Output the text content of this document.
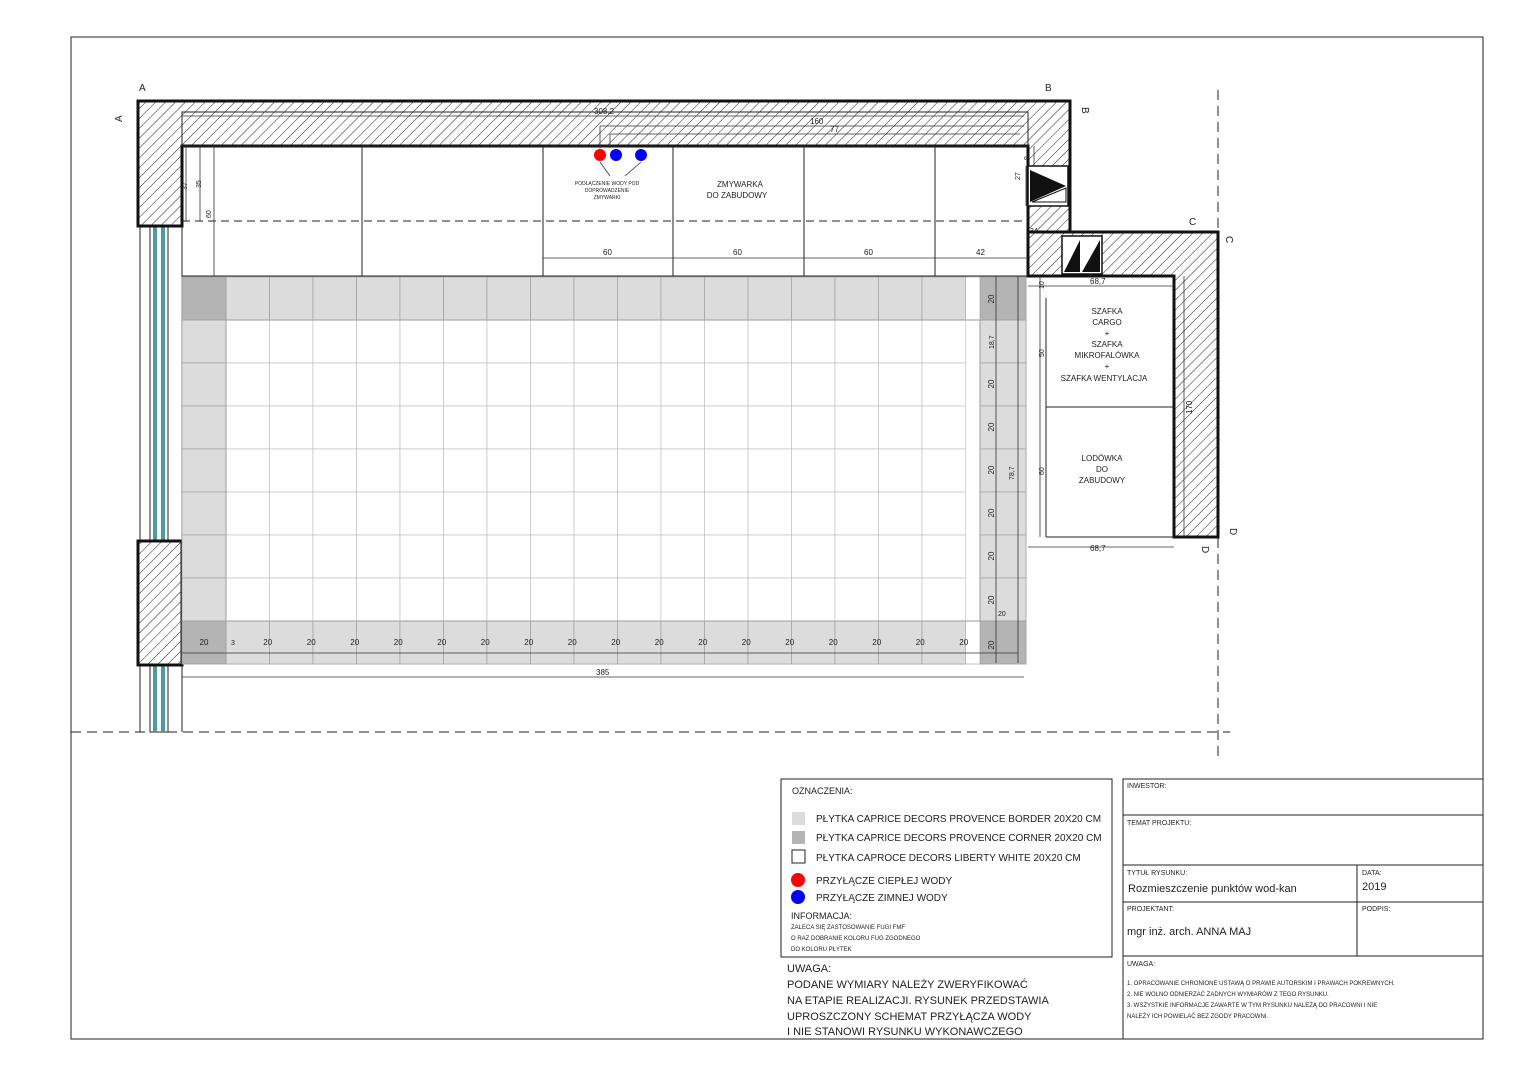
A
A
B
B
C
C
D
D
308,2
160
77
37 35
60
9
27
34
60	60	60	42
10	68,7
68,7
50
60
170
18,7
78,7
385
20
20	3	20	20	20	20	20	20	20	20	20	20	20	20	20	20	20	20	20
20
20
20
20
20
20
20
20
PODŁĄCZENIE WODY POD
DOPROWADZENIE
ZMYWARKI
ZMYWARKA
DO ZABUDOWY
SZAFKA
CARGO
+
SZAFKA
MIKROFALÓWKA
+
SZAFKA WENTYLACJA
LODÓWKA
DO
ZABUDOWY
OZNACZENIA:
PŁYTKA CAPRICE DECORS PROVENCE BORDER 20X20 CM
PŁYTKA CAPRICE DECORS PROVENCE CORNER 20X20 CM
PŁYTKA CAPROCE DECORS LIBERTY WHITE 20X20 CM
PRZYŁĄCZE CIEPŁEJ WODY
PRZYŁĄCZE ZIMNEJ WODY
INFORMACJA:
ZALECA SIĘ ZASTOSOWANIE FUGI FMF
O RAZ DOBRANIE KOLORU FUG ZGODNEGO
DO KOLORU PŁYTEK
UWAGA:
PODANE WYMIARY NALEŻY ZWERYFIKOWAĆ
NA ETAPIE REALIZACJI. RYSUNEK PRZEDSTAWIA
UPROSZCZONY SCHEMAT PRZYŁĄCZA WODY
I NIE STANOWI RYSUNKU WYKONAWCZEGO
INWESTOR:
TEMAT PROJEKTU:
TYTUŁ RYSUNKU:
Rozmieszczenie punktów wod-kan
DATA:
2019
PROJEKTANT:
mgr inż. arch. ANNA MAJ
PODPIS:
UWAGA:
1. OPRACOWANIE CHRONIONE USTAWĄ O PRAWIE AUTORSKIM I PRAWACH POKREWNYCH.
2. NIE WOLNO ODNIERZAĆ ZADNYCH WYMIARÓW Z TEGO RYSUNKU.
3. WSZYSTKIE INFORMACJE ZAWARTE W TYM RYSUNKU NALEŻĄ DO PRACOWNI I NIE
NALEŻY ICH POWIELAĆ BEZ ZGODY PRACOWNI.
